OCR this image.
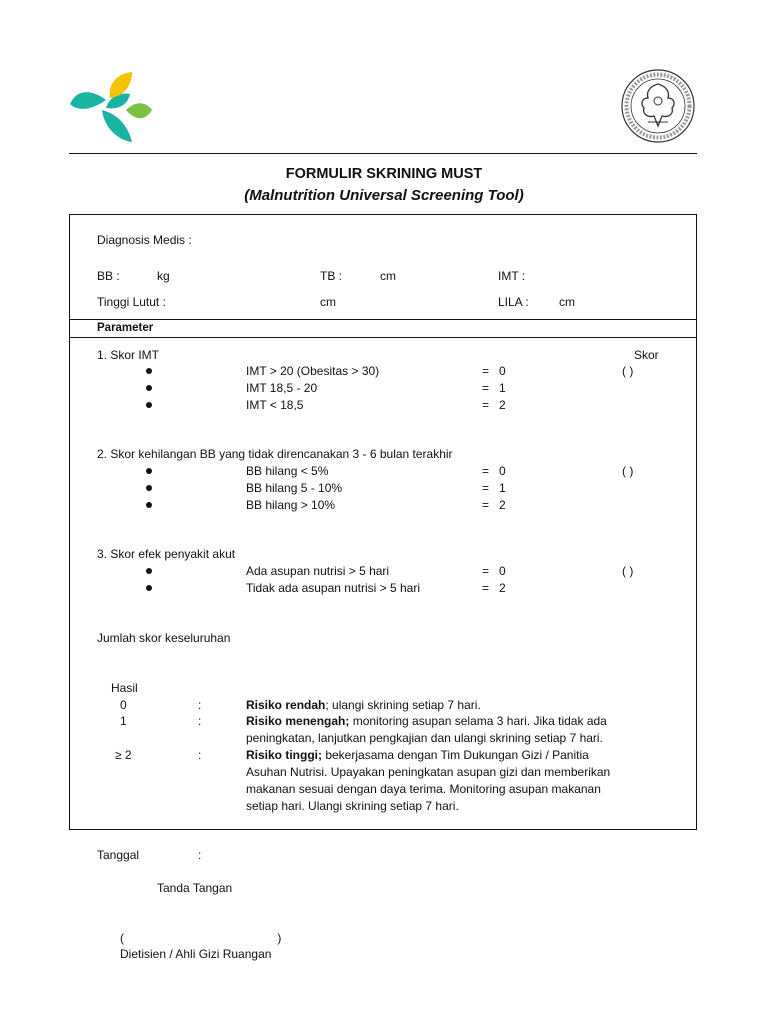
FORMULIR SKRINING MUST
(Malnutrition Universal Screening Tool)
Diagnosis Medis :
BB :	kg	TB :	cm	IMT :
Tinggi Lutut :	cm	LILA :	cm
Parameter
1. Skor IMT	Skor
IMT > 20 (Obesitas > 30)	= 0	( )
IMT 18,5 - 20	= 1
IMT < 18,5	= 2
2. Skor kehilangan BB yang tidak direncanakan 3 - 6 bulan terakhir
BB hilang < 5%	= 0	( )
BB hilang 5 - 10%	= 1
BB hilang > 10%	= 2
3. Skor efek penyakit akut
Ada asupan nutrisi > 5 hari	= 0	( )
Tidak ada asupan nutrisi > 5 hari	= 2
Jumlah skor keseluruhan
Hasil
0	:	Risiko rendah; ulangi skrining setiap 7 hari.
1	:	Risiko menengah; monitoring asupan selama 3 hari. Jika tidak ada peningkatan, lanjutkan pengkajian dan ulangi skrining setiap 7 hari.
≥ 2	:	Risiko tinggi; bekerjasama dengan Tim Dukungan Gizi / Panitia Asuhan Nutrisi. Upayakan peningkatan asupan gizi dan memberikan makanan sesuai dengan daya terima. Monitoring asupan makanan setiap hari. Ulangi skrining setiap 7 hari.
Tanggal	:
Tanda Tangan
(                                              )
Dietisien / Ahli Gizi Ruangan
